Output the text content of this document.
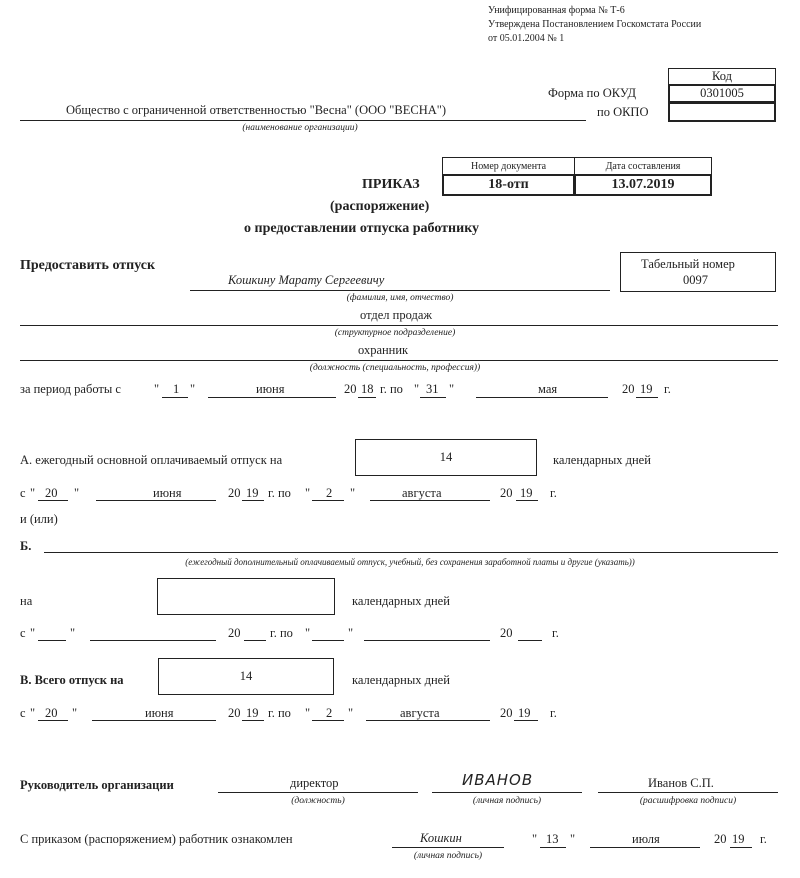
Унифицированная форма № Т-6
Утверждена Постановлением Госкомстата России
от 05.01.2004 № 1
Код
0301005
Форма по ОКУД
по ОКПО
Общество с ограниченной ответственностью "Весна" (ООО "ВЕСНА")
(наименование организации)
Номер документа	Дата составления
18-отп	13.07.2019
ПРИКАЗ
(распоряжение)
о предоставлении отпуска работнику
Предоставить отпуск
Кошкину Марату Сергеевичу
(фамилия, имя, отчество)
Табельный номер
0097
отдел продаж
(структурное подразделение)
охранник
(должность (специальность, профессия))
за период работы с	" 1 "	июня	20 18 г. по " 31 "	мая	20 19 г.
А. ежегодный основной оплачиваемый отпуск на	14	календарных дней
с " 20 "	июня	20 19 г. по " 2 "	августа	20 19 г.
и (или)
Б.
(ежегодный дополнительный оплачиваемый отпуск, учебный, без сохранения заработной платы и другие (указать))
на	календарных дней
с "	"	20 г. по "	"	20	г.
В. Всего отпуск на	14	календарных дней
с " 20 "	июня	20 19 г. по " 2 "	августа	20 19 г.
Руководитель организации	директор
(должность)
ИВАНОВ
(личная подпись)
Иванов С.П.
(расшифровка подписи)
С приказом (распоряжением) работник ознакомлен	Кошкин
(личная подпись)
" 13 "	июля	20 19 г.
